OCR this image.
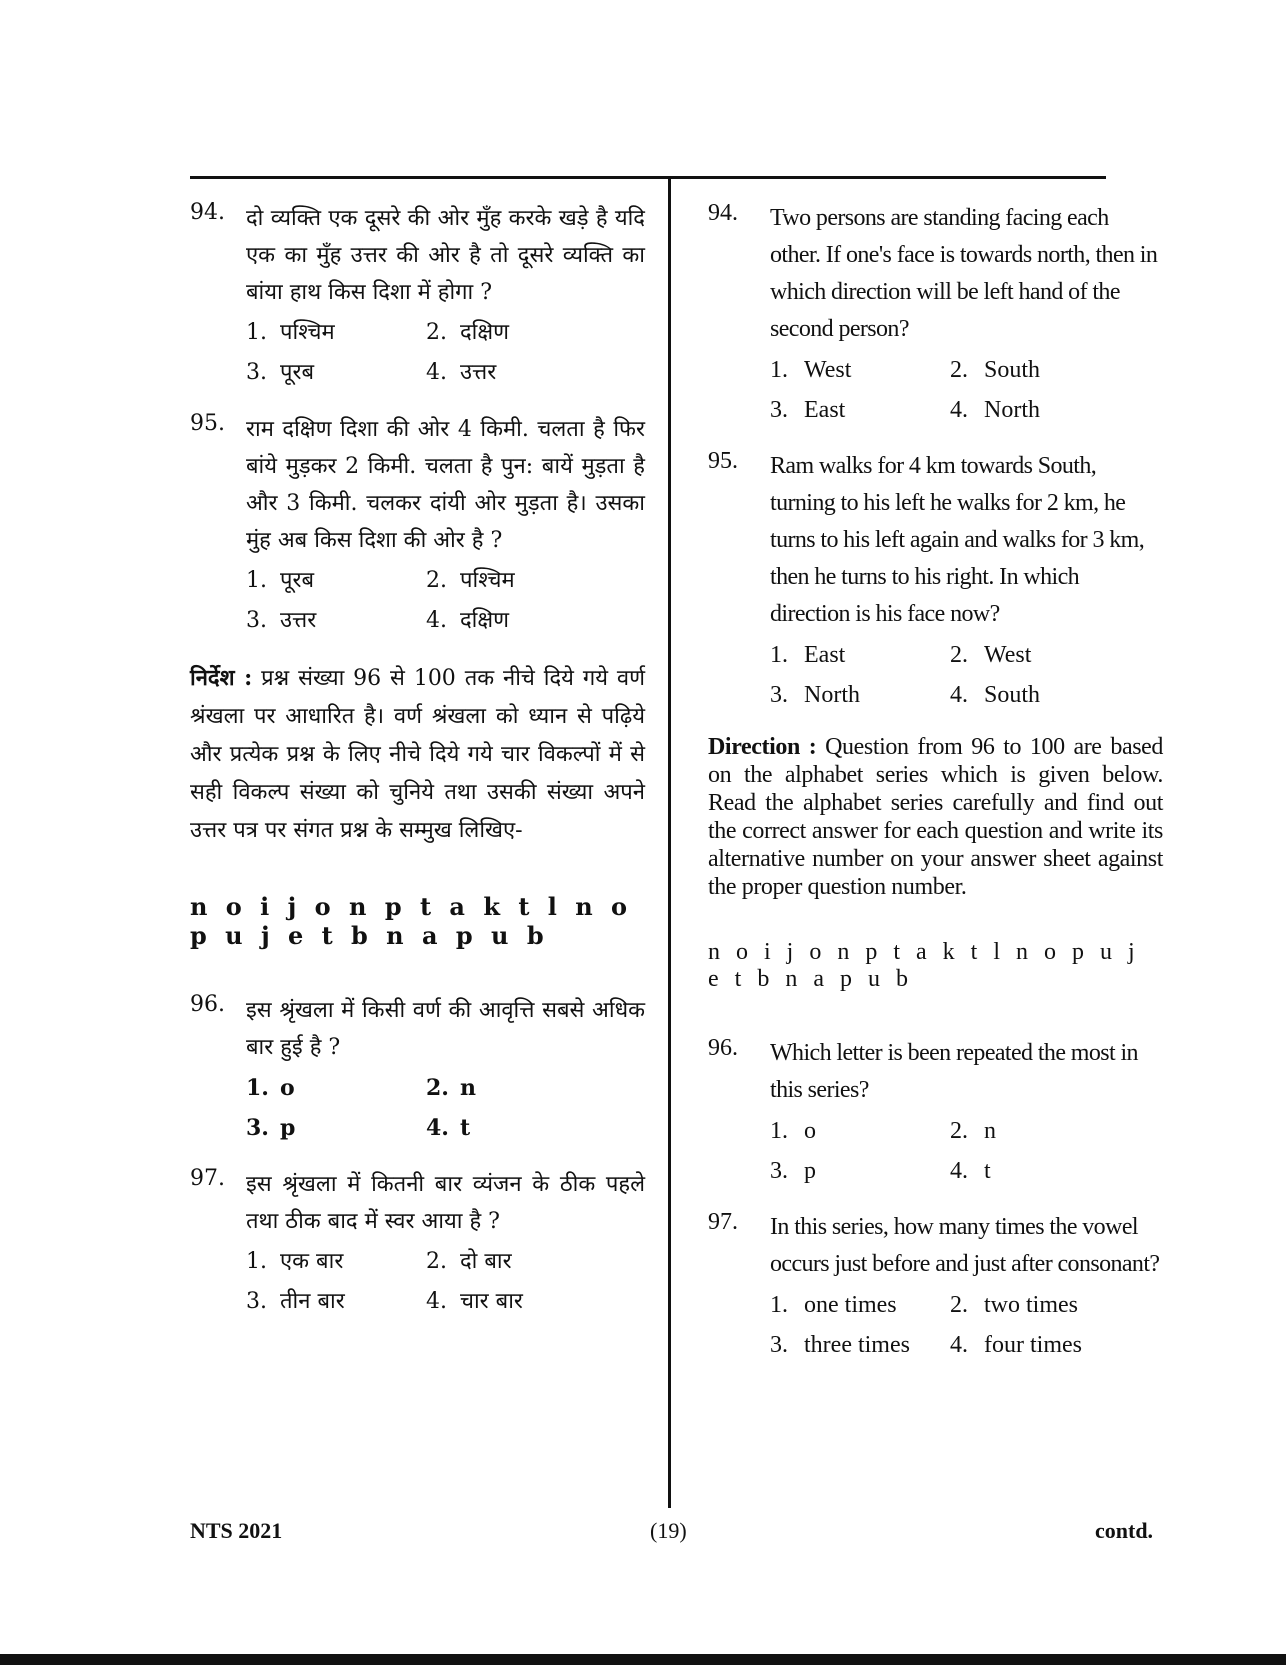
94. दो व्यक्ति एक दूसरे की ओर मुँह करके खड़े है यदि एक का मुँह उत्तर की ओर है तो दूसरे व्यक्ति का बांया हाथ किस दिशा में होगा ?
1. पश्चिम	2. दक्षिण
3. पूरब	4. उत्तर
95. राम दक्षिण दिशा की ओर 4 किमी. चलता है फिर बांये मुड़कर 2 किमी. चलता है पुन: बायें मुड़ता है और 3 किमी. चलकर दांयी ओर मुड़ता है। उसका मुंह अब किस दिशा की ओर है ?
1. पूरब	2. पश्चिम
3. उत्तर	4. दक्षिण
निर्देश : प्रश्न संख्या 96 से 100 तक नीचे दिये गये वर्ण श्रंखला पर आधारित है। वर्ण श्रंखला को ध्यान से पढ़िये और प्रत्येक प्रश्न के लिए नीचे दिये गये चार विकल्पों में से सही विकल्प संख्या को चुनिये तथा उसकी संख्या अपने उत्तर पत्र पर संगत प्रश्न के सम्मुख लिखिए-
n o i j o n p t a k t l n o p u j e t b n a p u b
96. इस श्रृंखला में किसी वर्ण की आवृत्ति सबसे अधिक बार हुई है ?
1. o	2. n
3. p	4. t
97. इस श्रृंखला में कितनी बार व्यंजन के ठीक पहले तथा ठीक बाद में स्वर आया है ?
1. एक बार	2. दो बार
3. तीन बार	4. चार बार
94.	Two persons are standing facing each other. If one's face is towards north, then in which direction will be left hand of the second person?
1. West	2. South
3. East	4. North
95.	Ram walks for 4 km towards South, turning to his left he walks for 2 km, he turns to his left again and walks for 3 km, then he turns to his right. In which direction is his face now?
1. East	2. West
3. North	4. South
Direction : Question from 96 to 100 are based on the alphabet series which is given below. Read the alphabet series carefully and find out the correct answer for each question and write its alternative number on your answer sheet against the proper question number.
n o i j o n p t a k t l n o p u j e t b n a p u b
96.	Which letter is been repeated the most in this series?
1. o	2. n
3. p	4. t
97.	In this series, how many times the vowel occurs just before and just after consonant?
1. one times 2. two times
3. three times 4. four times
NTS 2021	(19)	contd.
